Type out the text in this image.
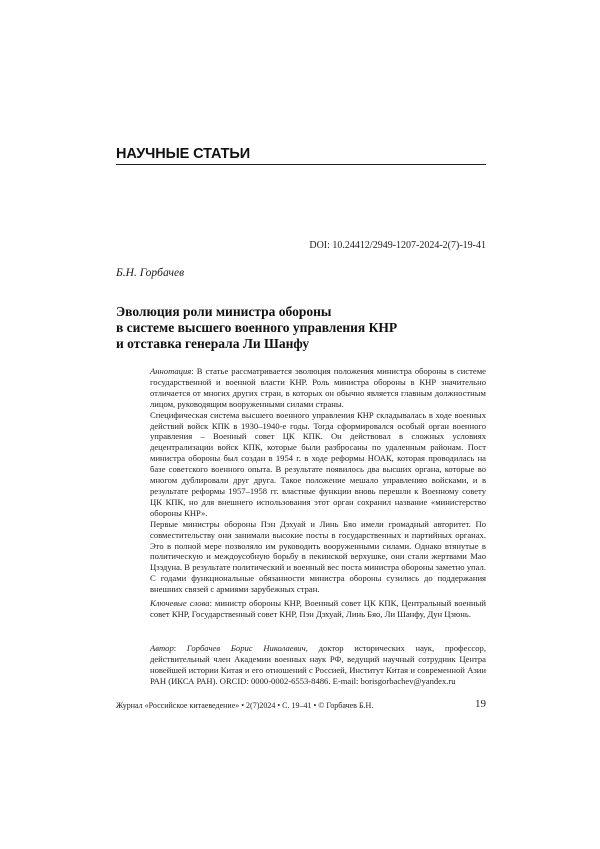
НАУЧНЫЕ СТАТЬИ
DOI: 10.24412/2949-1207-2024-2(7)-19-41
Б.Н. Горбачев
Эволюция роли министра обороны
в системе высшего военного управления КНР
и отставка генерала Ли Шанфу

Аннотация: В статье рассматривается эволюция положения министра обороны в системе государственной и военной власти КНР. Роль министра обороны в КНР значительно отличается от многих других стран, в которых он обычно является главным должностным лицом, руководящим вооруженными силами страны.

Специфическая система высшего военного управления КНР складывалась в ходе военных действий войск КПК в 1930–1940-е годы. Тогда сформировался особый орган военного управления – Военный совет ЦК КПК. Он действовал в сложных условиях децентрализации войск КПК, которые были разбросаны по удаленным районам. Пост министра обороны был создан в 1954 г. в ходе реформы НОАК, которая проводилась на базе советского военного опыта. В результате появилось два высших органа, которые во многом дублировали друг друга. Такое положение мешало управлению войсками, и в результате реформы 1957–1958 гг. властные функции вновь перешли к Военному совету ЦК КПК, но для внешнего использования этот орган сохранил название «министерство обороны КНР».

Первые министры обороны Пэн Дэхуай и Линь Бяо имели громадный авторитет. По совместительству они занимали высокие посты в государственных и партийных органах. Это в полной мере позволяло им руководить вооруженными силами. Однако втянутые в политическую и междоусобную борьбу в пекинской верхушке, они стали жертвами Мао Цзэдуна. В результате политический и военный вес поста министра обороны заметно упал. С годами функциональные обязанности министра обороны сузились до поддержания внешних связей с армиями зарубежных стран.

Ключевые слова: министр обороны КНР, Военный совет ЦК КПК, Центральный военный совет КНР, Государственный совет КНР, Пэн Дэхуай, Линь Бяо, Ли Шанфу, Дун Цзюнь.

Автор: Горбачев Борис Николаевич, доктор исторических наук, профессор, действительный член Академии военных наук РФ, ведущий научный сотрудник Центра новейшей истории Китая и его отношений с Россией, Институт Китая и современной Азии РАН (ИКСА РАН). ORCID: 0000-0002-6553-8486. E-mail: borisgorbachev@yandex.ru

Журнал «Российское китаеведение» • 2(7)2024 • С. 19–41 • © Горбачев Б.Н.	19
